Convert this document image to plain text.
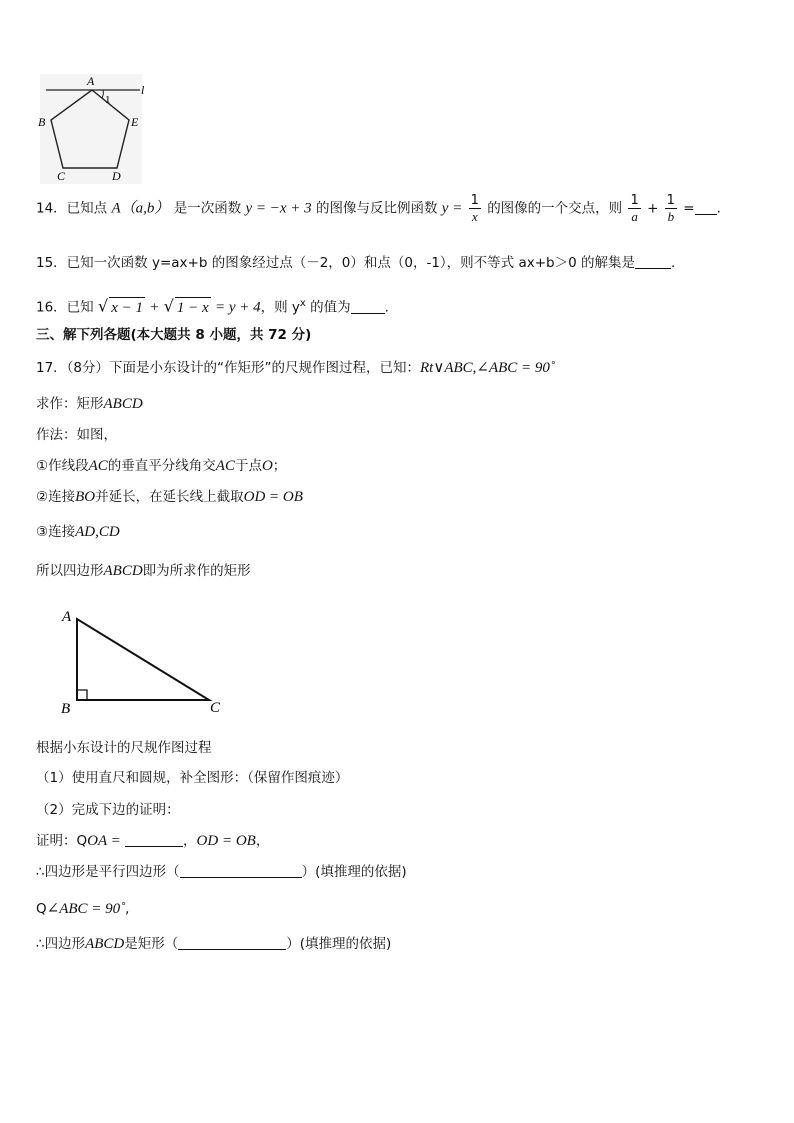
A
l
1
B	E
C	D
14．已知点 A（a,b） 是一次函数 y = −x + 3 的图像与反比例函数 $y = \frac{1}{x}$ 的图像的一个交点，则 $\frac{1}{a} + \frac{1}{b}$ = .
15．已知一次函数 y=ax+b 的图象经过点（－2，0）和点（0，-1），则不等式 ax+b＞0 的解集是	.
16．已知 √ x − 1 + √ 1 − x = y + 4，则 $y^x$ 的值为	.
三、解下列各题(本大题共 8 小题，共 72 分)
17．（8分）下面是小东设计的“作矩形”的尺规作图过程，已知：Rt∨ABC,∠ABC = 90˚
求作：矩形ABCD
作法：如图，
①作线段AC的垂直平分线角交AC于点O；
②连接BO并延长，在延长线上截取OD = OB
③连接AD,CD
所以四边形ABCD即为所求作的矩形
A
B	C
根据小东设计的尺规作图过程
（1）使用直尺和圆规，补全图形：（保留作图痕迹）
（2）完成下边的证明：
证明：QOA =	，OD = OB，
∴四边形是平行四边形（	）(填推理的依据)
Q∠ABC = 90˚,
∴四边形ABCD是矩形（	）(填推理的依据)
